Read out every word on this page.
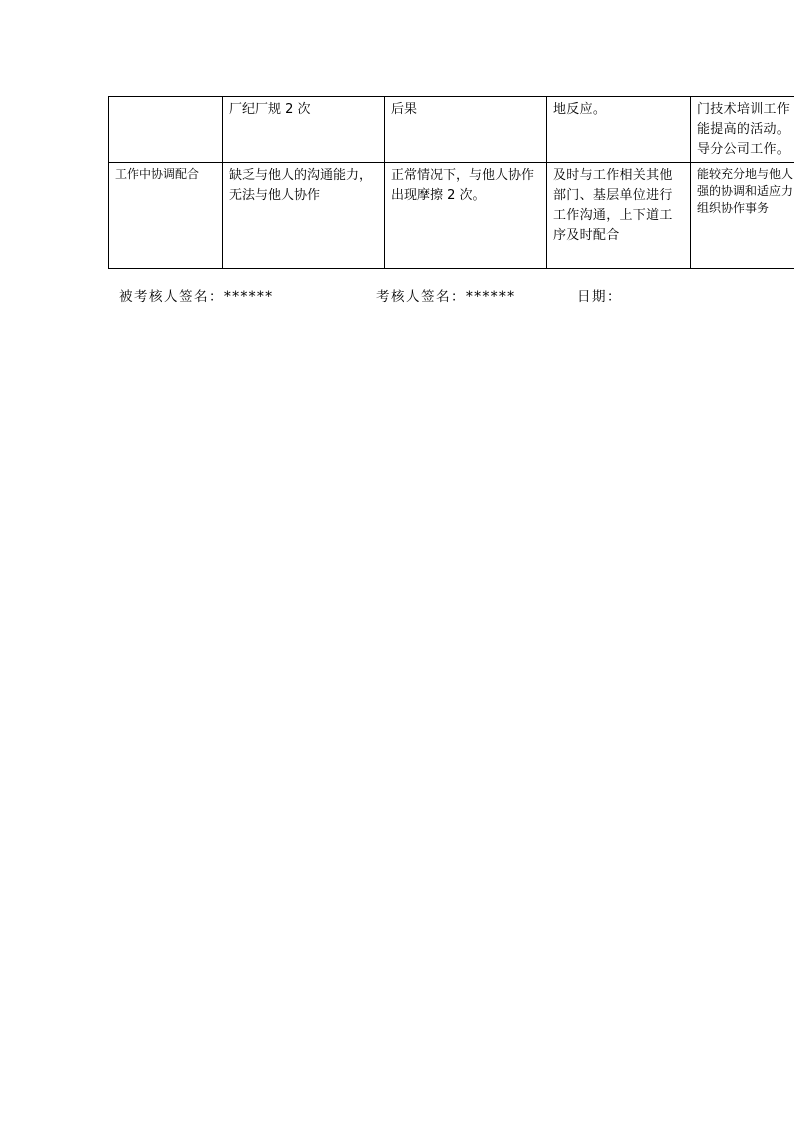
	厂纪厂规 2 次	后果	地反应。	门技术培训工作 能提高的活动。 导分公司工作。
工作中协调配合	缺乏与他人的沟通能力，无法与他人协作	正常情况下，与他人协作出现摩擦 2 次。	及时与工作相关其他部门、基层单位进行工作沟通，上下道工序及时配合	能较充分地与他人 强的协调和适应力 组织协作事务
被考核人签名：******	考核人签名：******	日期：
